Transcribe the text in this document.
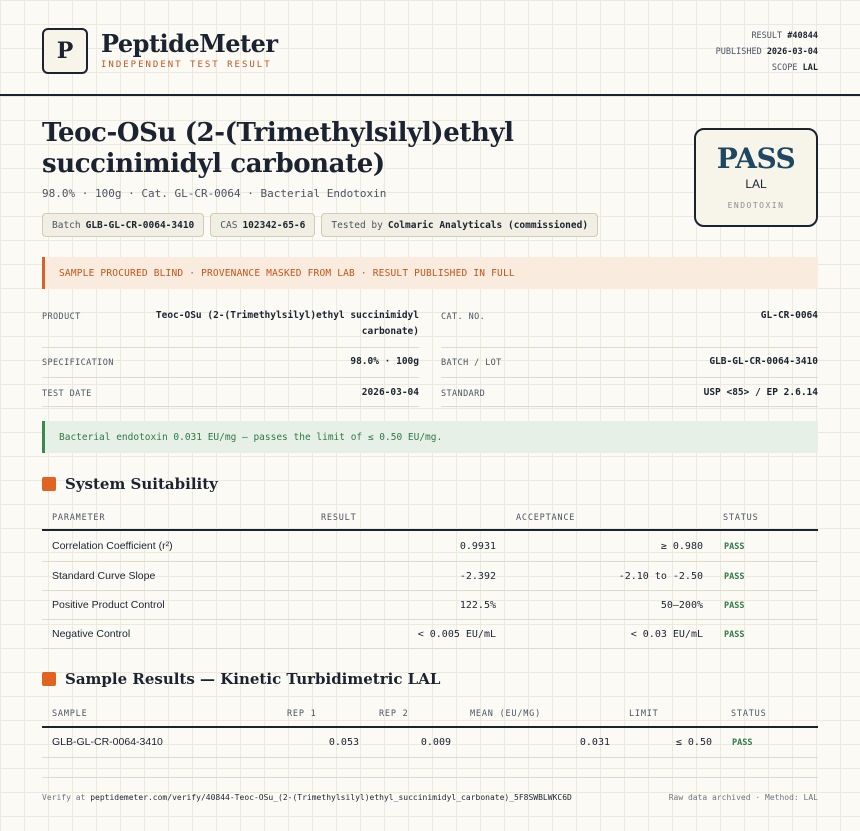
P PeptideMeter
INDEPENDENT TEST RESULT
RESULT #40844
PUBLISHED 2026-03-04
SCOPE LAL
Teoc-OSu (2-(Trimethylsilyl)ethyl succinimidyl carbonate)
98.0% · 100g · Cat. GL-CR-0064 · Bacterial Endotoxin
Batch GLB-GL-CR-0064-3410	CAS 102342-65-6	Tested by Colmaric Analyticals (commissioned)
PASS
LAL
ENDOTOXIN
SAMPLE PROCURED BLIND · PROVENANCE MASKED FROM LAB · RESULT PUBLISHED IN FULL
PRODUCT	Teoc-OSu (2-(Trimethylsilyl)ethyl succinimidyl carbonate)
CAT. NO.	GL-CR-0064
SPECIFICATION	98.0% · 100g	BATCH / LOT	GLB-GL-CR-0064-3410
TEST DATE	2026-03-04	STANDARD	USP <85> / EP 2.6.14
Bacterial endotoxin 0.031 EU/mg — passes the limit of ≤ 0.50 EU/mg.
System Suitability
PARAMETER	RESULT	ACCEPTANCE	STATUS
Correlation Coefficient (r²)	0.9931	≥ 0.980 PASS
Standard Curve Slope	-2.392	-2.10 to -2.50 PASS
Positive Product Control	122.5%	50–200% PASS
Negative Control	< 0.005 EU/mL	< 0.03 EU/mL PASS
Sample Results — Kinetic Turbidimetric LAL
SAMPLE	REP 1	REP 2	MEAN (EU/MG)	LIMIT	STATUS
GLB-GL-CR-0064-3410	0.053	0.009	0.031	≤ 0.50 PASS
Verify at peptidemeter.com/verify/40844-Teoc-OSu_(2-(Trimethylsilyl)ethyl_succinimidyl_carbonate)_5F8SWBLWKC6D	Raw data archived · Method: LAL
